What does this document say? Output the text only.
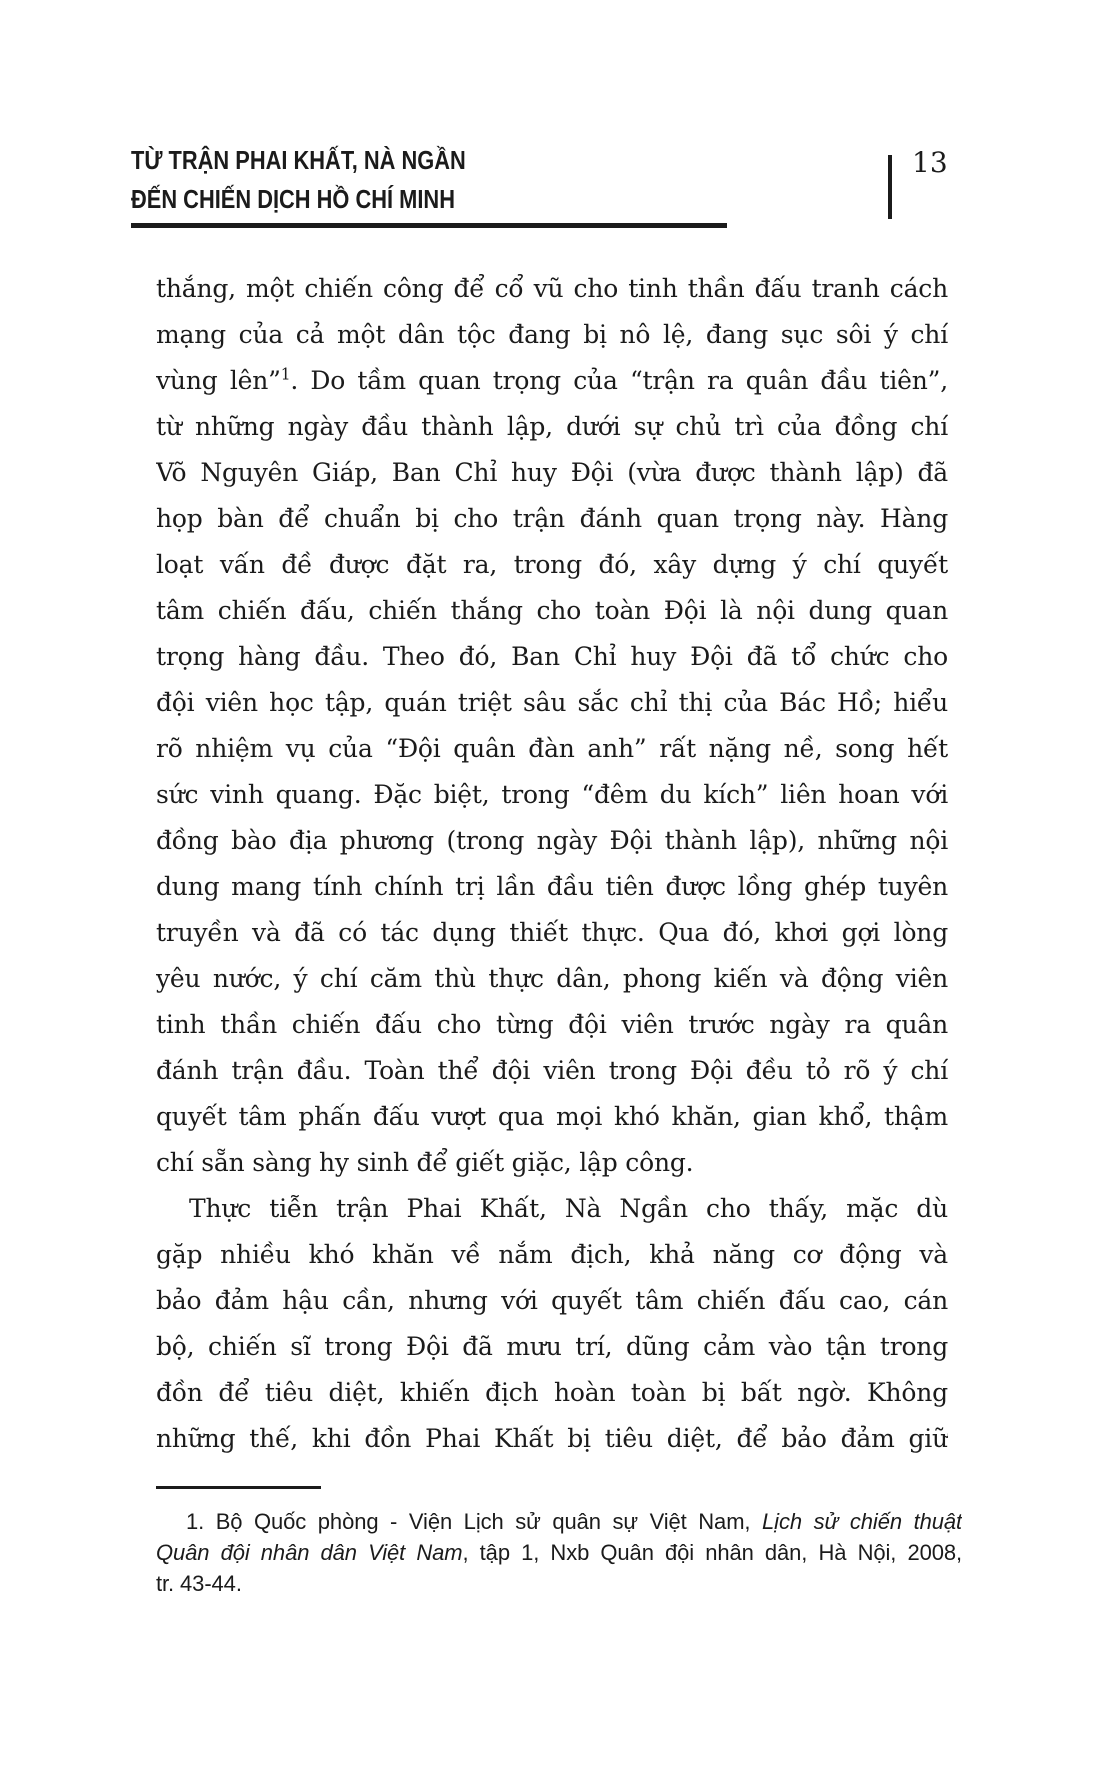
TỪ TRẬN PHAI KHẤT, NÀ NGẦN
ĐẾN CHIẾN DỊCH HỒ CHÍ MINH
13
thắng, một chiến công để cổ vũ cho tinh thần đấu tranh cách
mạng của cả một dân tộc đang bị nô lệ, đang sục sôi ý chí
vùng lên”$^1$. Do tầm quan trọng của “trận ra quân đầu tiên”,
từ những ngày đầu thành lập, dưới sự chủ trì của đồng chí
Võ Nguyên Giáp, Ban Chỉ huy Đội (vừa được thành lập) đã
họp bàn để chuẩn bị cho trận đánh quan trọng này. Hàng
loạt vấn đề được đặt ra, trong đó, xây dựng ý chí quyết
tâm chiến đấu, chiến thắng cho toàn Đội là nội dung quan
trọng hàng đầu. Theo đó, Ban Chỉ huy Đội đã tổ chức cho
đội viên học tập, quán triệt sâu sắc chỉ thị của Bác Hồ; hiểu
rõ nhiệm vụ của “Đội quân đàn anh” rất nặng nề, song hết
sức vinh quang. Đặc biệt, trong “đêm du kích” liên hoan với
đồng bào địa phương (trong ngày Đội thành lập), những nội
dung mang tính chính trị lần đầu tiên được lồng ghép tuyên
truyền và đã có tác dụng thiết thực. Qua đó, khơi gợi lòng
yêu nước, ý chí căm thù thực dân, phong kiến và động viên
tinh thần chiến đấu cho từng đội viên trước ngày ra quân
đánh trận đầu. Toàn thể đội viên trong Đội đều tỏ rõ ý chí
quyết tâm phấn đấu vượt qua mọi khó khăn, gian khổ, thậm
chí sẵn sàng hy sinh để giết giặc, lập công.
Thực tiễn trận Phai Khất, Nà Ngần cho thấy, mặc dù
gặp nhiều khó khăn về nắm địch, khả năng cơ động và
bảo đảm hậu cần, nhưng với quyết tâm chiến đấu cao, cán
bộ, chiến sĩ trong Đội đã mưu trí, dũng cảm vào tận trong
đồn để tiêu diệt, khiến địch hoàn toàn bị bất ngờ. Không
những thế, khi đồn Phai Khất bị tiêu diệt, để bảo đảm giữ
1. Bộ Quốc phòng - Viện Lịch sử quân sự Việt Nam, Lịch sử chiến thuật
Quân đội nhân dân Việt Nam, tập 1, Nxb Quân đội nhân dân, Hà Nội, 2008,
tr. 43-44.
